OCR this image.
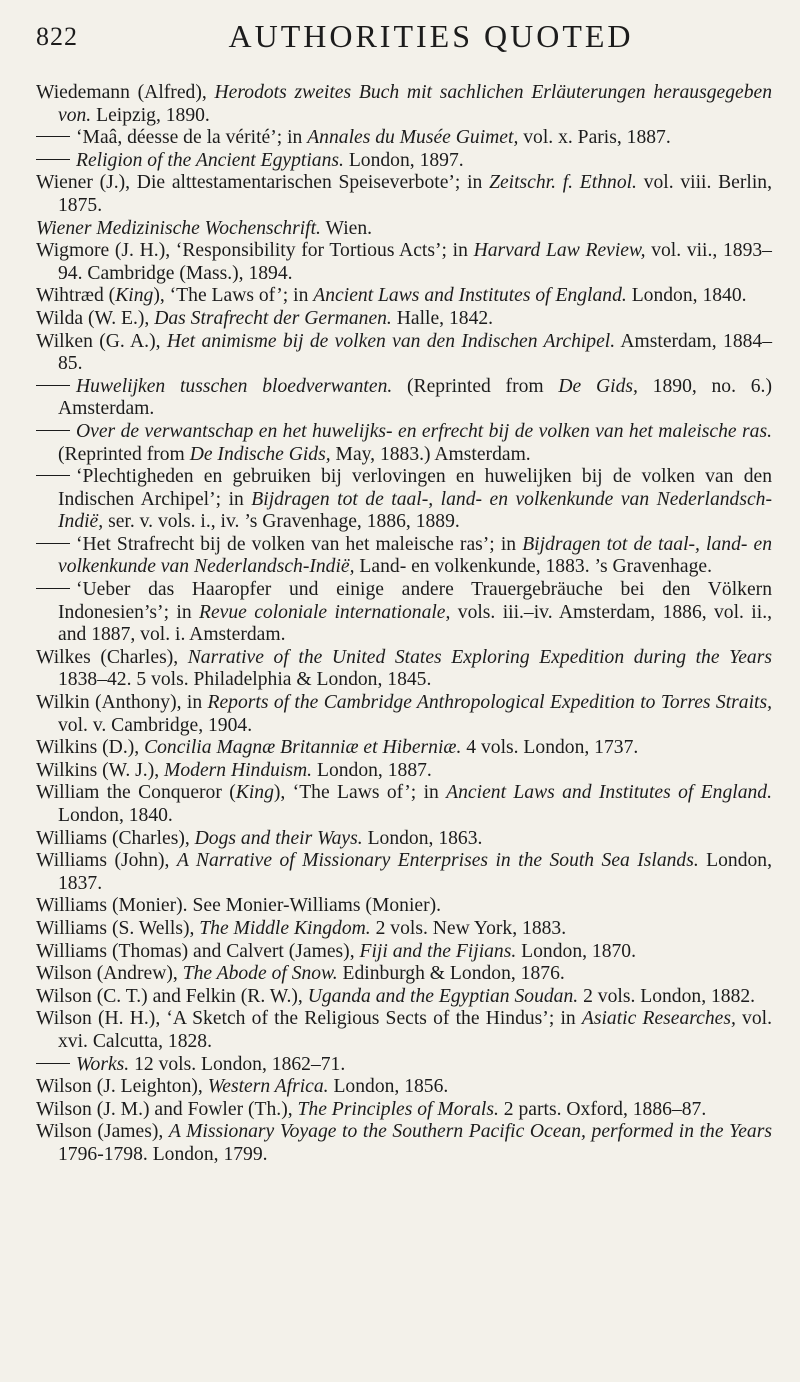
822	AUTHORITIES QUOTED
Wiedemann (Alfred), Herodots zweites Buch mit sachlichen Erläuterungen herausgegeben von. Leipzig, 1890.
‘Maâ, déesse de la vérité’; in Annales du Musée Guimet, vol. x. Paris, 1887.
Religion of the Ancient Egyptians. London, 1897.
Wiener (J.), Die alttestamentarischen Speiseverbote’; in Zeitschr. f. Ethnol. vol. viii. Berlin, 1875.
Wiener Medizinische Wochenschrift. Wien.
Wigmore (J. H.), ‘Responsibility for Tortious Acts’; in Harvard Law Review, vol. vii., 1893–94. Cambridge (Mass.), 1894.
Wihtræd (King), ‘The Laws of’; in Ancient Laws and Institutes of England. London, 1840.
Wilda (W. E.), Das Strafrecht der Germanen. Halle, 1842.
Wilken (G. A.), Het animisme bij de volken van den Indischen Archipel. Amsterdam, 1884–85.
Huwelijken tusschen bloedverwanten. (Reprinted from De Gids, 1890, no. 6.) Amsterdam.
Over de verwantschap en het huwelijks- en erfrecht bij de volken van het maleische ras. (Reprinted from De Indische Gids, May, 1883.) Amsterdam.
‘Plechtigheden en gebruiken bij verlovingen en huwelijken bij de volken van den Indischen Archipel’; in Bijdragen tot de taal-, land- en volkenkunde van Nederlandsch-Indië, ser. v. vols. i., iv. ’s Gravenhage, 1886, 1889.
‘Het Strafrecht bij de volken van het maleische ras’; in Bijdragen tot de taal-, land- en volkenkunde van Nederlandsch-Indië, Land- en volkenkunde, 1883. ’s Gravenhage.
‘Ueber das Haaropfer und einige andere Trauergebräuche bei den Völkern Indonesien’s’; in Revue coloniale internationale, vols. iii.–iv. Amsterdam, 1886, vol. ii., and 1887, vol. i. Amsterdam.
Wilkes (Charles), Narrative of the United States Exploring Expedition during the Years 1838–42. 5 vols. Philadelphia & London, 1845.
Wilkin (Anthony), in Reports of the Cambridge Anthropological Expedition to Torres Straits, vol. v. Cambridge, 1904.
Wilkins (D.), Concilia Magnæ Britanniæ et Hiberniæ. 4 vols. London, 1737.
Wilkins (W. J.), Modern Hinduism. London, 1887.
William the Conqueror (King), ‘The Laws of’; in Ancient Laws and Institutes of England. London, 1840.
Williams (Charles), Dogs and their Ways. London, 1863.
Williams (John), A Narrative of Missionary Enterprises in the South Sea Islands. London, 1837.
Williams (Monier). See Monier-Williams (Monier).
Williams (S. Wells), The Middle Kingdom. 2 vols. New York, 1883.
Williams (Thomas) and Calvert (James), Fiji and the Fijians. London, 1870.
Wilson (Andrew), The Abode of Snow. Edinburgh & London, 1876.
Wilson (C. T.) and Felkin (R. W.), Uganda and the Egyptian Soudan. 2 vols. London, 1882.
Wilson (H. H.), ‘A Sketch of the Religious Sects of the Hindus’; in Asiatic Researches, vol. xvi. Calcutta, 1828.
Works. 12 vols. London, 1862–71.
Wilson (J. Leighton), Western Africa. London, 1856.
Wilson (J. M.) and Fowler (Th.), The Principles of Morals. 2 parts. Oxford, 1886–87.
Wilson (James), A Missionary Voyage to the Southern Pacific Ocean, performed in the Years 1796-1798. London, 1799.
